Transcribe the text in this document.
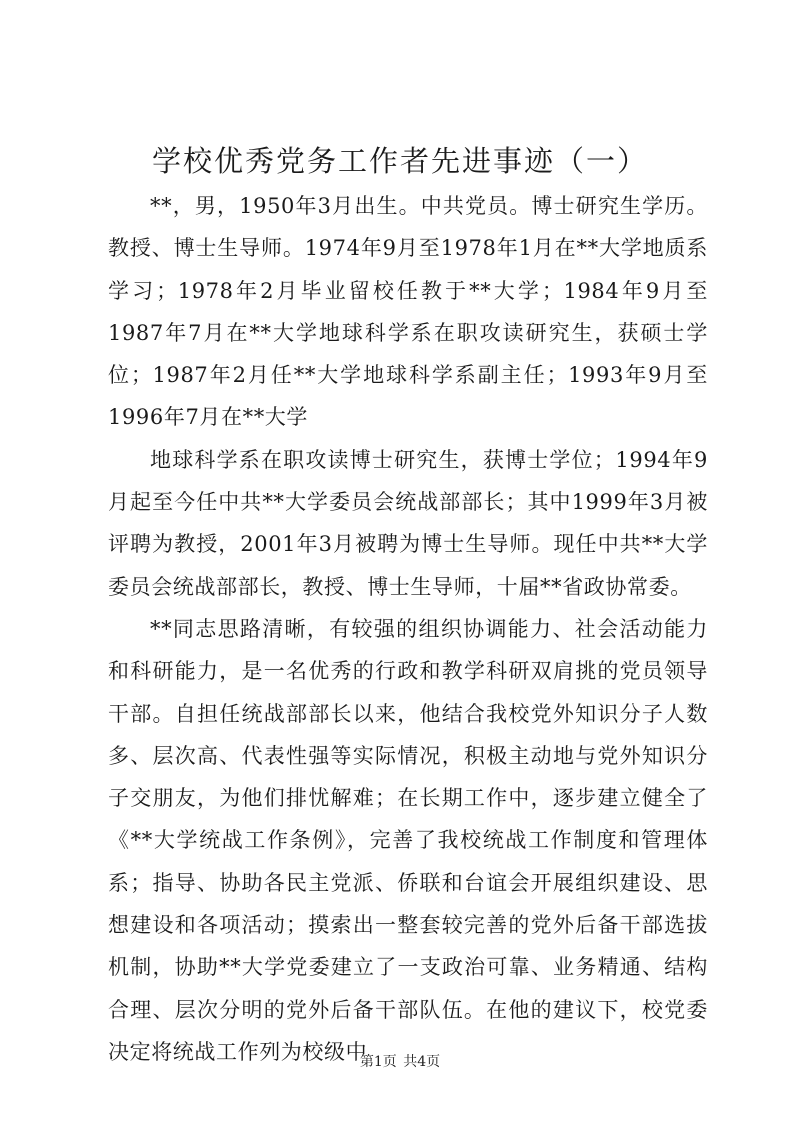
学校优秀党务工作者先进事迹（一）

**，男，1950年3月出生。中共党员。博士研究生学历。教授、博士生导师。1974年9月至1978年1月在**大学地质系学习；1978年2月毕业留校任教于**大学；1984年9月至1987年7月在**大学地球科学系在职攻读研究生，获硕士学位；1987年2月任**大学地球科学系副主任；1993年9月至1996年7月在**大学

地球科学系在职攻读博士研究生，获博士学位；1994年9月起至今任中共**大学委员会统战部部长；其中1999年3月被评聘为教授，2001年3月被聘为博士生导师。现任中共**大学委员会统战部部长，教授、博士生导师，十届**省政协常委。

**同志思路清晰，有较强的组织协调能力、社会活动能力和科研能力，是一名优秀的行政和教学科研双肩挑的党员领导干部。自担任统战部部长以来，他结合我校党外知识分子人数多、层次高、代表性强等实际情况，积极主动地与党外知识分子交朋友，为他们排忧解难；在长期工作中，逐步建立健全了《**大学统战工作条例》，完善了我校统战工作制度和管理体系；指导、协助各民主党派、侨联和台谊会开展组织建设、思想建设和各项活动；摸索出一整套较完善的党外后备干部选拔机制，协助**大学党委建立了一支政治可靠、业务精通、结构合理、层次分明的党外后备干部队伍。在他的建议下，校党委决定将统战工作列为校级中

第1页 共4页
